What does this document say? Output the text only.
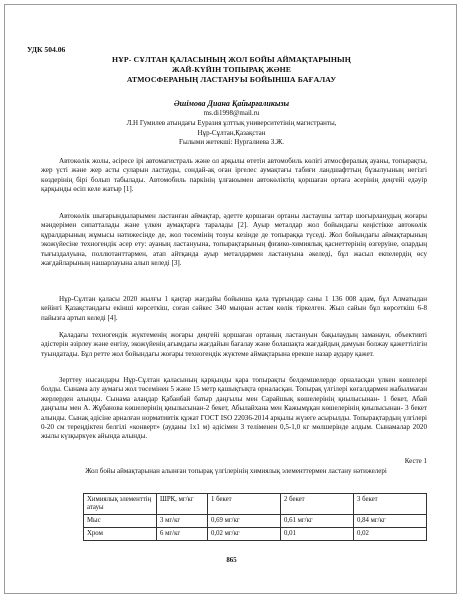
УДК 504.06
НҰР- СҰЛТАН ҚАЛАСЫНЫҢ ЖОЛ БОЙЫ АЙМАҚТАРЫНЫҢ
ЖАЙ-КҮЙІН ТОПЫРАҚ ЖӘНЕ
АТМОСФЕРАНЫҢ ЛАСТАНУЫ БОЙЫНША БАҒАЛАУ
Әшімова Диана Қайырғаликызы
ms.di1998@mail.ru
Л.Н Гумилев атындағы Еуразия ұлттық университетінің магистранты,
Нұр-Сұлтан,Қазақстан
Ғылыми жетекші: Нургалиева З.Ж.

Автокөлік жолы, әсіресе ірі автомагистраль және ол арқылы өтетін автомобиль көлігі атмосфералық ауаны, топырақты, жер үсті және жер асты суларын ластауды, сондай-ақ оған іргелес аумақтағы табиғи ландшафттың бұзылуының негізгі көздерінің бірі болып табылады. Автомобиль паркінің ұлғаюымен автокөліктің қоршаған ортаға əсерінің деңгейі едәуір қарқынды өсіп келе жатыр [1].

Автокөлік шығарындыларымен ластанған аймақтар, әдетте қоршаған ортаны ластаушы заттар шоғырланудың жоғары мәндерімен сипатталады және үлкен аумақтарға таралады [2]. Ауыр металдар жол бойындағы кеңістікке автокөлік құралдарының жұмысы нәтижесінде де, жол төсемінің тозуы кезінде де топыраққа түседі. Жол бойындағы аймақтарының экожүйесіне техногендік әсер ету: ауаның ластануына, топырақтарының физико-химиялық қасиеттерінің өзгеруіне, олардың тығыздалуына, поллютанттармен, атап айтқанда ауыр металдармен ластануына әкеледі, бұл жасыл екпелердің өсу жағдайларының нашарлауына алып келеді [3].

Нұр-Сұлтан қаласы 2020 жылғы 1 қаңтар жағдайы бойынша қала тұрғындар саны 1 136 008 адам, бұл Алматыдан кейінгі Қазақстандағы екінші көрсеткіш, соған сәйкес 340 мыңнан астам көлік тіркелген. Жыл сайын бұл көрсеткіш 6-8 пайызға артып келеді [4].

Қаладағы техногендік жүктеменің жоғары деңгейі қоршаған ортаның ластануын бақылаудың заманауи, объективті әдістерін әзірлеу және енгізу, экожүйенің ағымдағы жағдайын бағалау және болашақта жағдайдың дамуын болжау қажеттілігін туындатады. Бұл ретте жол бойындағы жоғары техногендік жүктеме аймақтарына ерекше назар аудару қажет.

Зерттеу нысандары Нұр-Сұлтан қаласының қарқынды қара топырақты белдемшелерде орналасқан үлкен көшелері болды. Сынама алу аумағы жол төсемінен 5 және 15 метр қашықтықта орналасқан. Топырақ үлгілері көгалдармен жабылмаған жерлерден алынды. Сынама алаңдар Қабанбай батыр даңғылы мен Сарайшық көшелерінің қиылысынан- 1 бекет, Абай даңғылы мен А. Жұбанова көшелерінің қиылысынан-2 бекет, Абылайхана мен Кажымұқан көшелерінің қиылысынан- 3 бекет алынды. Сынақ әдісіне арналған нормативтік құжат ГОСТ ISO 22036-2014 арқылы жүзеге асырылды. Топырақтардың үлгілері 0-20 см тереңдіктен белгілі «конверт» (ауданы 1х1 м) әдісімен 3 теліменен 0,5-1,0 кг мөлшерінде алдым. Сынамалар 2020 жылы күзқыркүек айында алынды.

Кесте 1
Жол бойы аймақтарынан алынған топырақ үлгілерінің химиялық элементтермен ластану нәтижелері
Химиялық элементтің атауы	ШРК, мг/кг	1 бекет	2 бекет	3 бекет
Мыс	3 мг/кг	0,69 мг/кг	0,61 мг/кг	0,84 мг/кг
Хром	6 мг/кг	0,02 мг/кг	0,01	0,02
865
